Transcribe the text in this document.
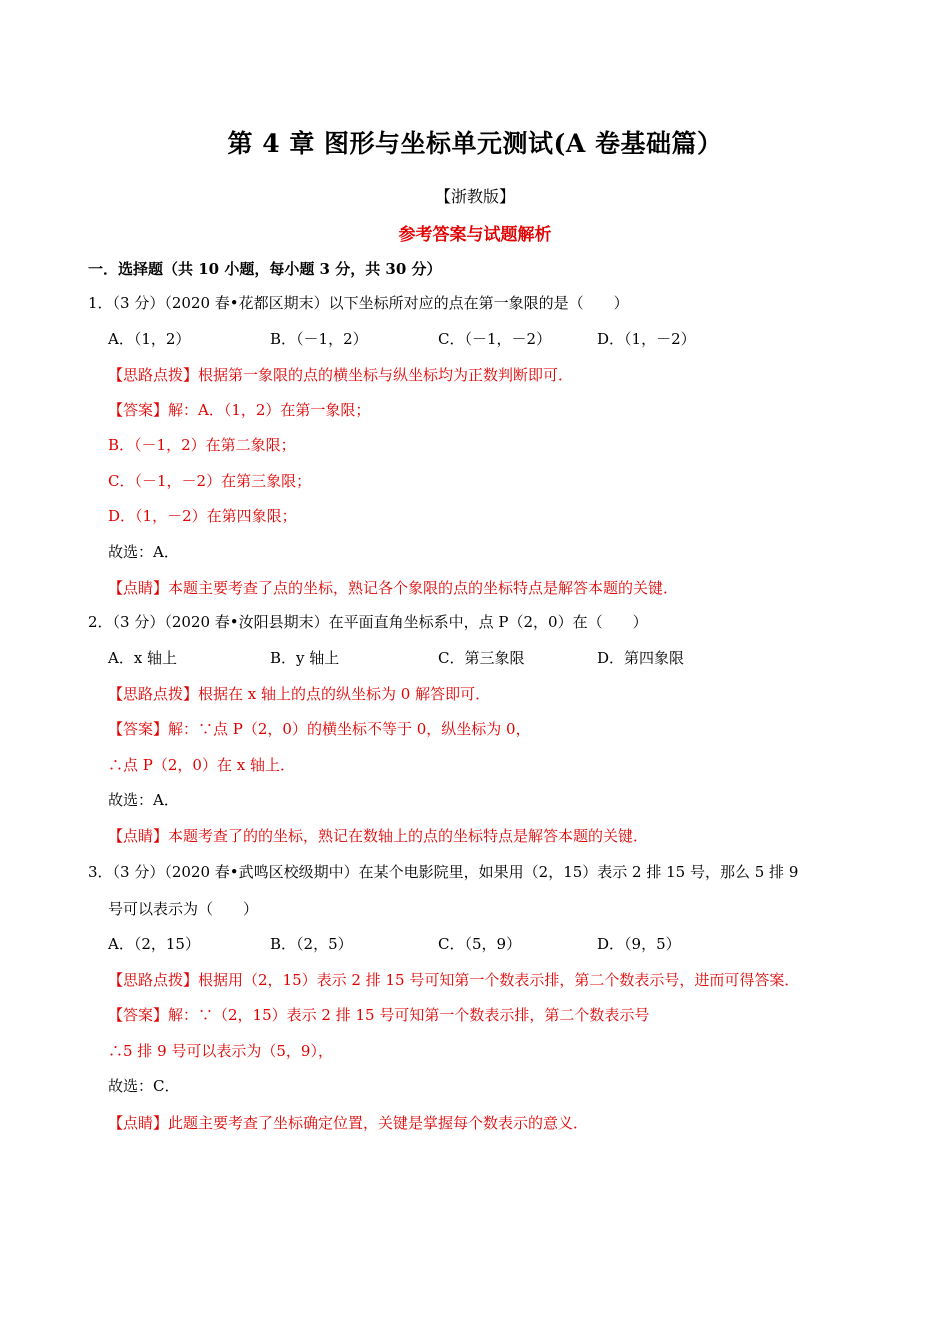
第 4 章 图形与坐标单元测试(A 卷基础篇）
【浙教版】
参考答案与试题解析
一．选择题（共 10 小题，每小题 3 分，共 30 分）
1．（3 分）（2020 春•花都区期末）以下坐标所对应的点在第一象限的是（　　）
A．（1，2）	B．（－1，2）	C．（－1，－2）	D．（1，－2）
【思路点拨】根据第一象限的点的横坐标与纵坐标均为正数判断即可．
【答案】解：A．（1，2）在第一象限；
B．（－1，2）在第二象限；
C．（－1，－2）在第三象限；
D．（1，－2）在第四象限；
故选：A．
【点睛】本题主要考查了点的坐标，熟记各个象限的点的坐标特点是解答本题的关键．
2．（3 分）（2020 春•汝阳县期末）在平面直角坐标系中，点 P（2，0）在（　　）
A．x 轴上	B．y 轴上	C．第三象限	D．第四象限
【思路点拨】根据在 x 轴上的点的纵坐标为 0 解答即可．
【答案】解：∵点 P（2，0）的横坐标不等于 0，纵坐标为 0，
∴点 P（2，0）在 x 轴上．
故选：A．
【点睛】本题考查了的的坐标，熟记在数轴上的点的坐标特点是解答本题的关键．
3．（3 分）（2020 春•武鸣区校级期中）在某个电影院里，如果用（2，15）表示 2 排 15 号，那么 5 排 9
号可以表示为（　　）
A．（2，15）	B．（2，5）	C．（5，9）	D．（9，5）
【思路点拨】根据用（2，15）表示 2 排 15 号可知第一个数表示排，第二个数表示号，进而可得答案．
【答案】解：∵（2，15）表示 2 排 15 号可知第一个数表示排，第二个数表示号
∴5 排 9 号可以表示为（5，9），
故选：C．
【点睛】此题主要考查了坐标确定位置，关键是掌握每个数表示的意义．
